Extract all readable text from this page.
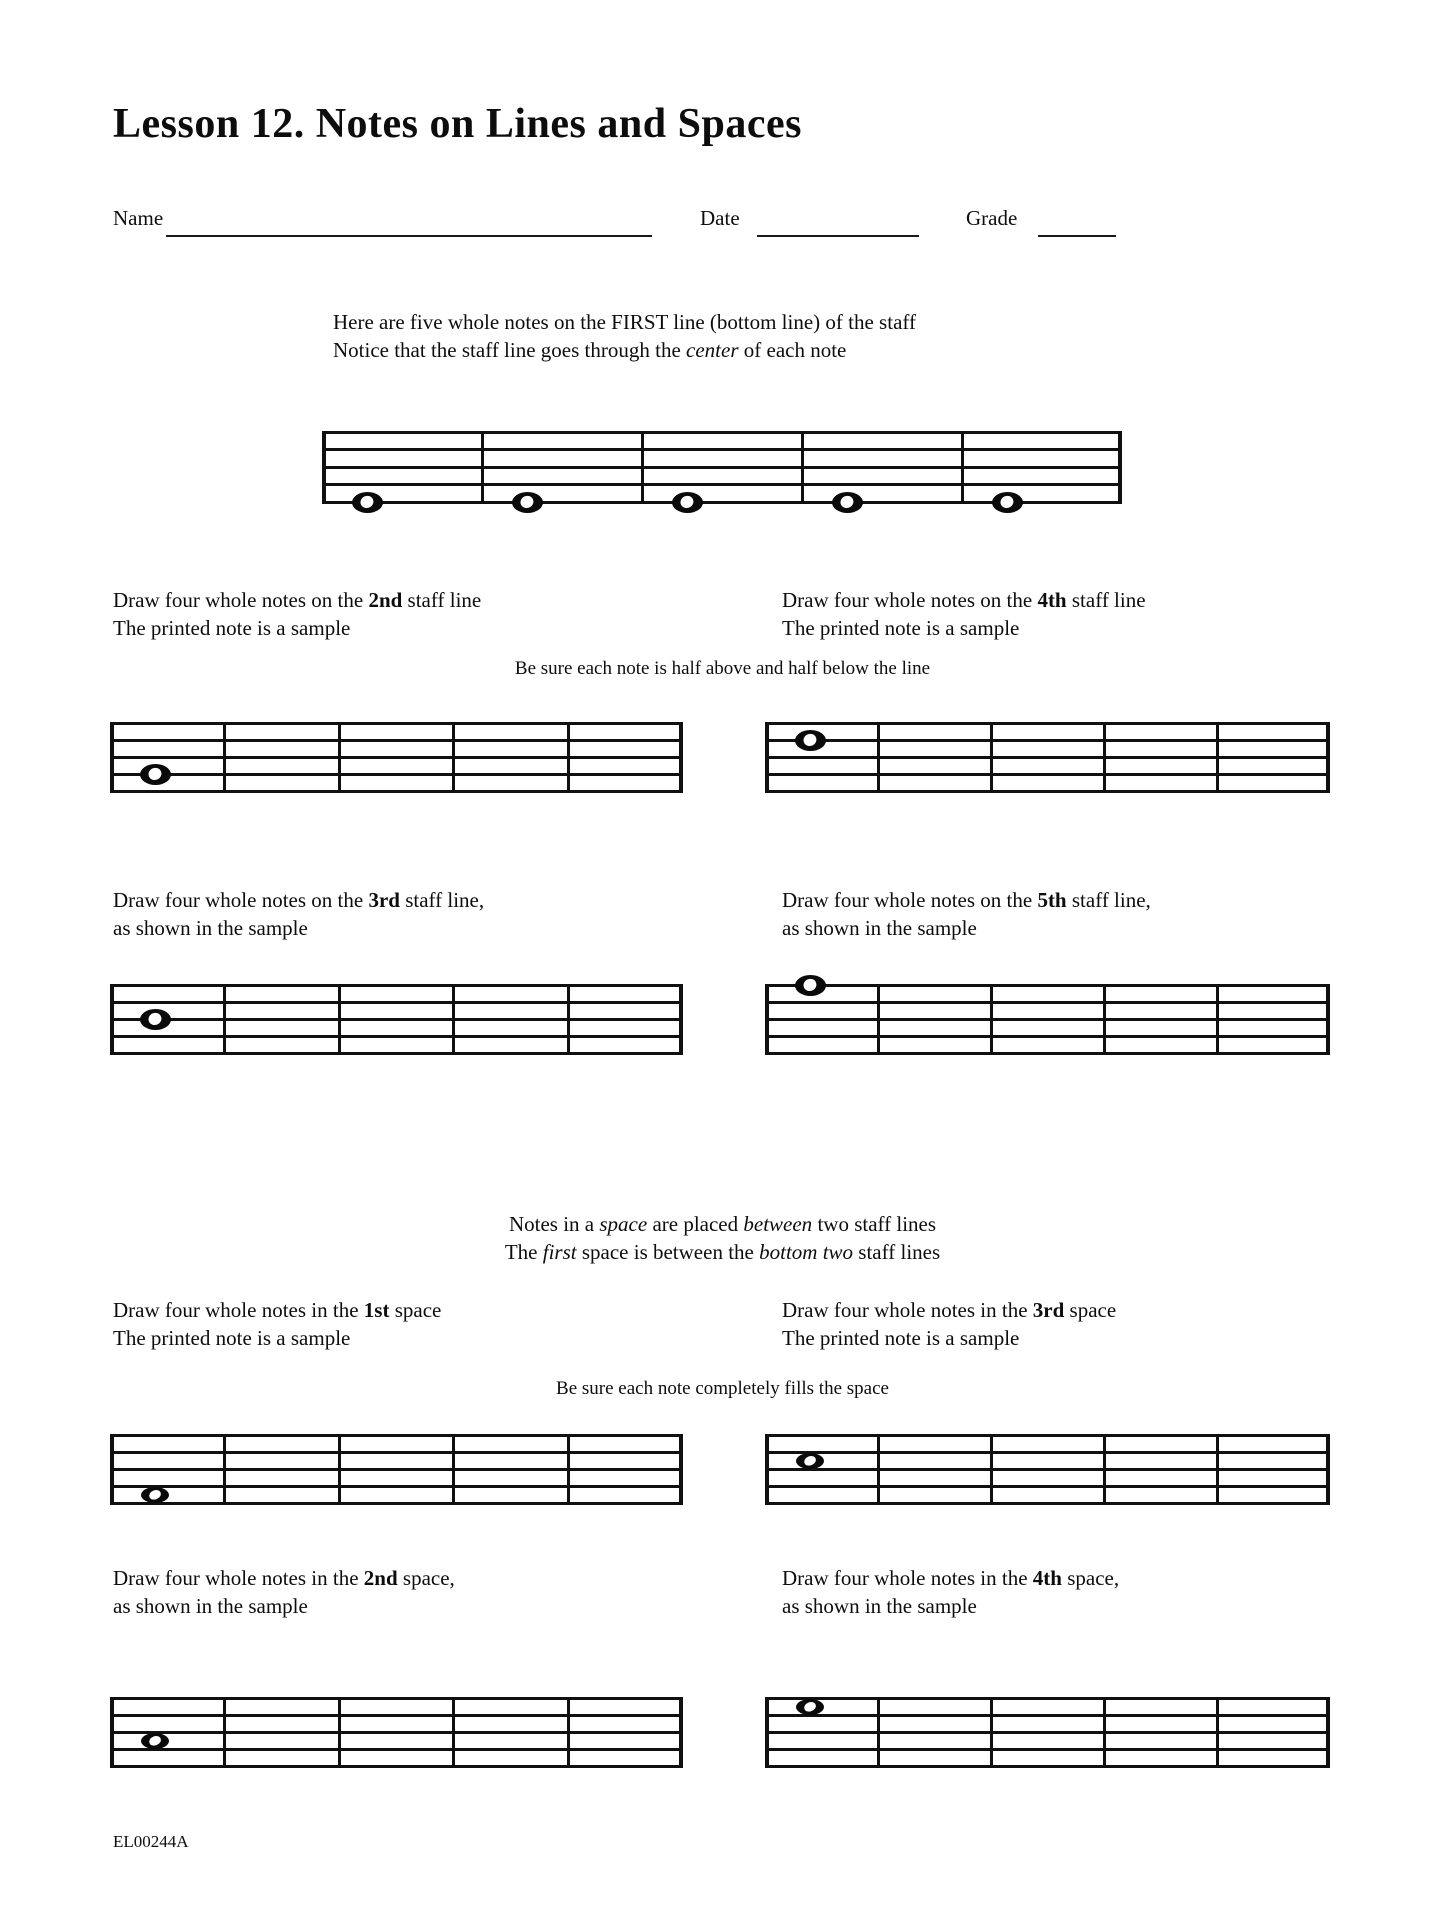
Lesson 12. Notes on Lines and Spaces
Name	Date	Grade
Here are five whole notes on the FIRST line (bottom line) of the staff
Notice that the staff line goes through the center of each note
Draw four whole notes on the 2nd staff line
The printed note is a sample
Draw four whole notes on the 4th staff line
The printed note is a sample
Be sure each note is half above and half below the line
Draw four whole notes on the 3rd staff line,
as shown in the sample
Draw four whole notes on the 5th staff line,
as shown in the sample
Notes in a space are placed between two staff lines
The first space is between the bottom two staff lines
Draw four whole notes in the 1st space
The printed note is a sample
Draw four whole notes in the 3rd space
The printed note is a sample
Be sure each note completely fills the space
Draw four whole notes in the 2nd space,
as shown in the sample
Draw four whole notes in the 4th space,
as shown in the sample
EL00244A
